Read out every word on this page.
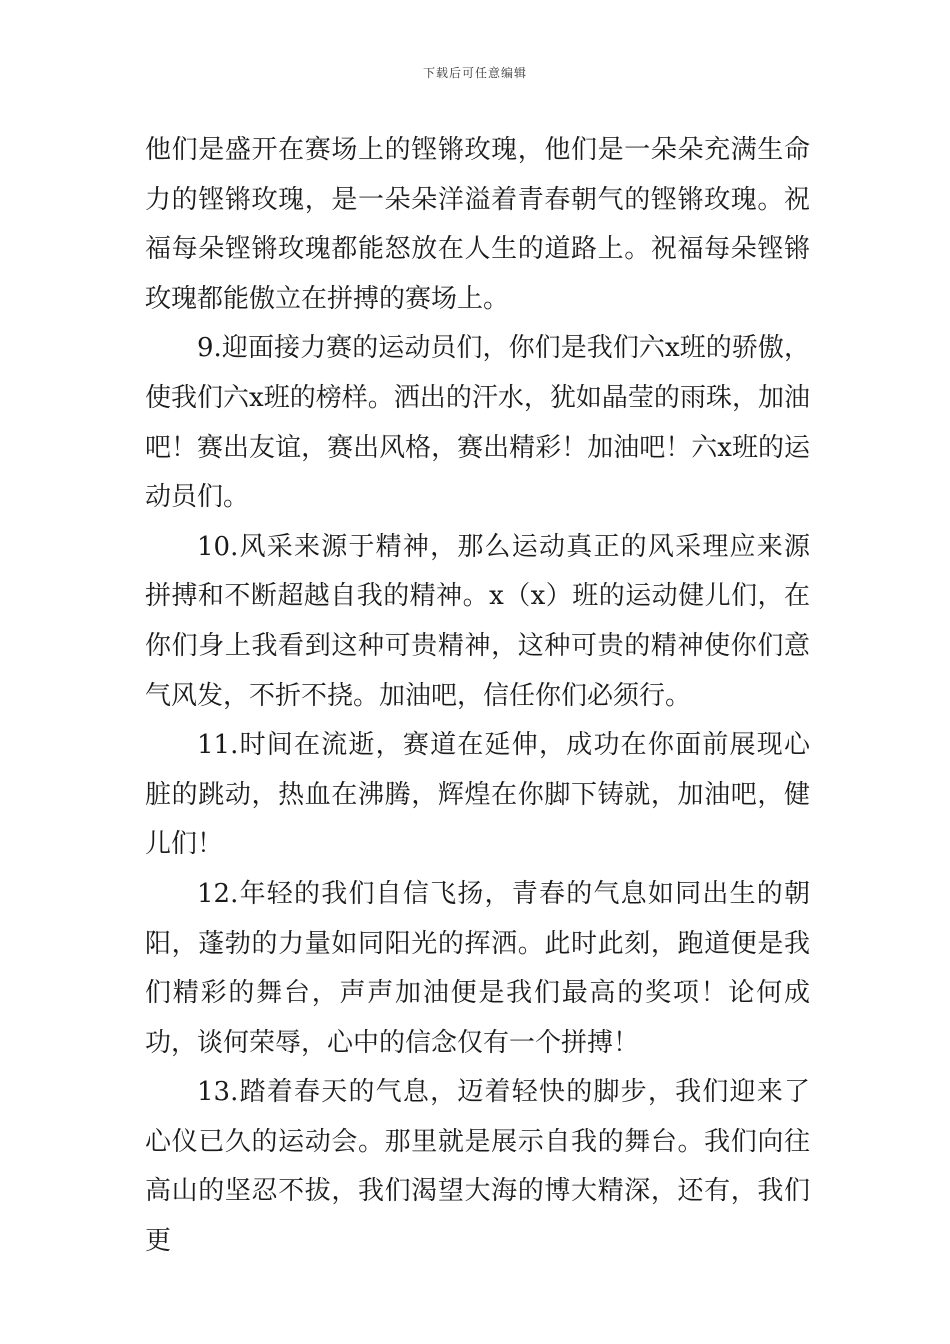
下载后可任意编辑

他们是盛开在赛场上的铿锵玫瑰，他们是一朵朵充满生命力的铿锵玫瑰，是一朵朵洋溢着青春朝气的铿锵玫瑰。祝福每朵铿锵玫瑰都能怒放在人生的道路上。祝福每朵铿锵玫瑰都能傲立在拼搏的赛场上。

9.迎面接力赛的运动员们，你们是我们六x班的骄傲，使我们六x班的榜样。洒出的汗水，犹如晶莹的雨珠，加油吧！赛出友谊，赛出风格，赛出精彩！加油吧！六x班的运动员们。

10.风采来源于精神，那么运动真正的风采理应来源拼搏和不断超越自我的精神。x（x）班的运动健儿们，在你们身上我看到这种可贵精神，这种可贵的精神使你们意气风发，不折不挠。加油吧，信任你们必须行。

11.时间在流逝，赛道在延伸，成功在你面前展现心脏的跳动，热血在沸腾，辉煌在你脚下铸就，加油吧，健儿们！

12.年轻的我们自信飞扬，青春的气息如同出生的朝阳，蓬勃的力量如同阳光的挥洒。此时此刻，跑道便是我们精彩的舞台，声声加油便是我们最高的奖项！论何成功，谈何荣辱，心中的信念仅有一个拼搏！

13.踏着春天的气息，迈着轻快的脚步，我们迎来了心仪已久的运动会。那里就是展示自我的舞台。我们向往高山的坚忍不拔，我们渴望大海的博大精深，还有，我们更
